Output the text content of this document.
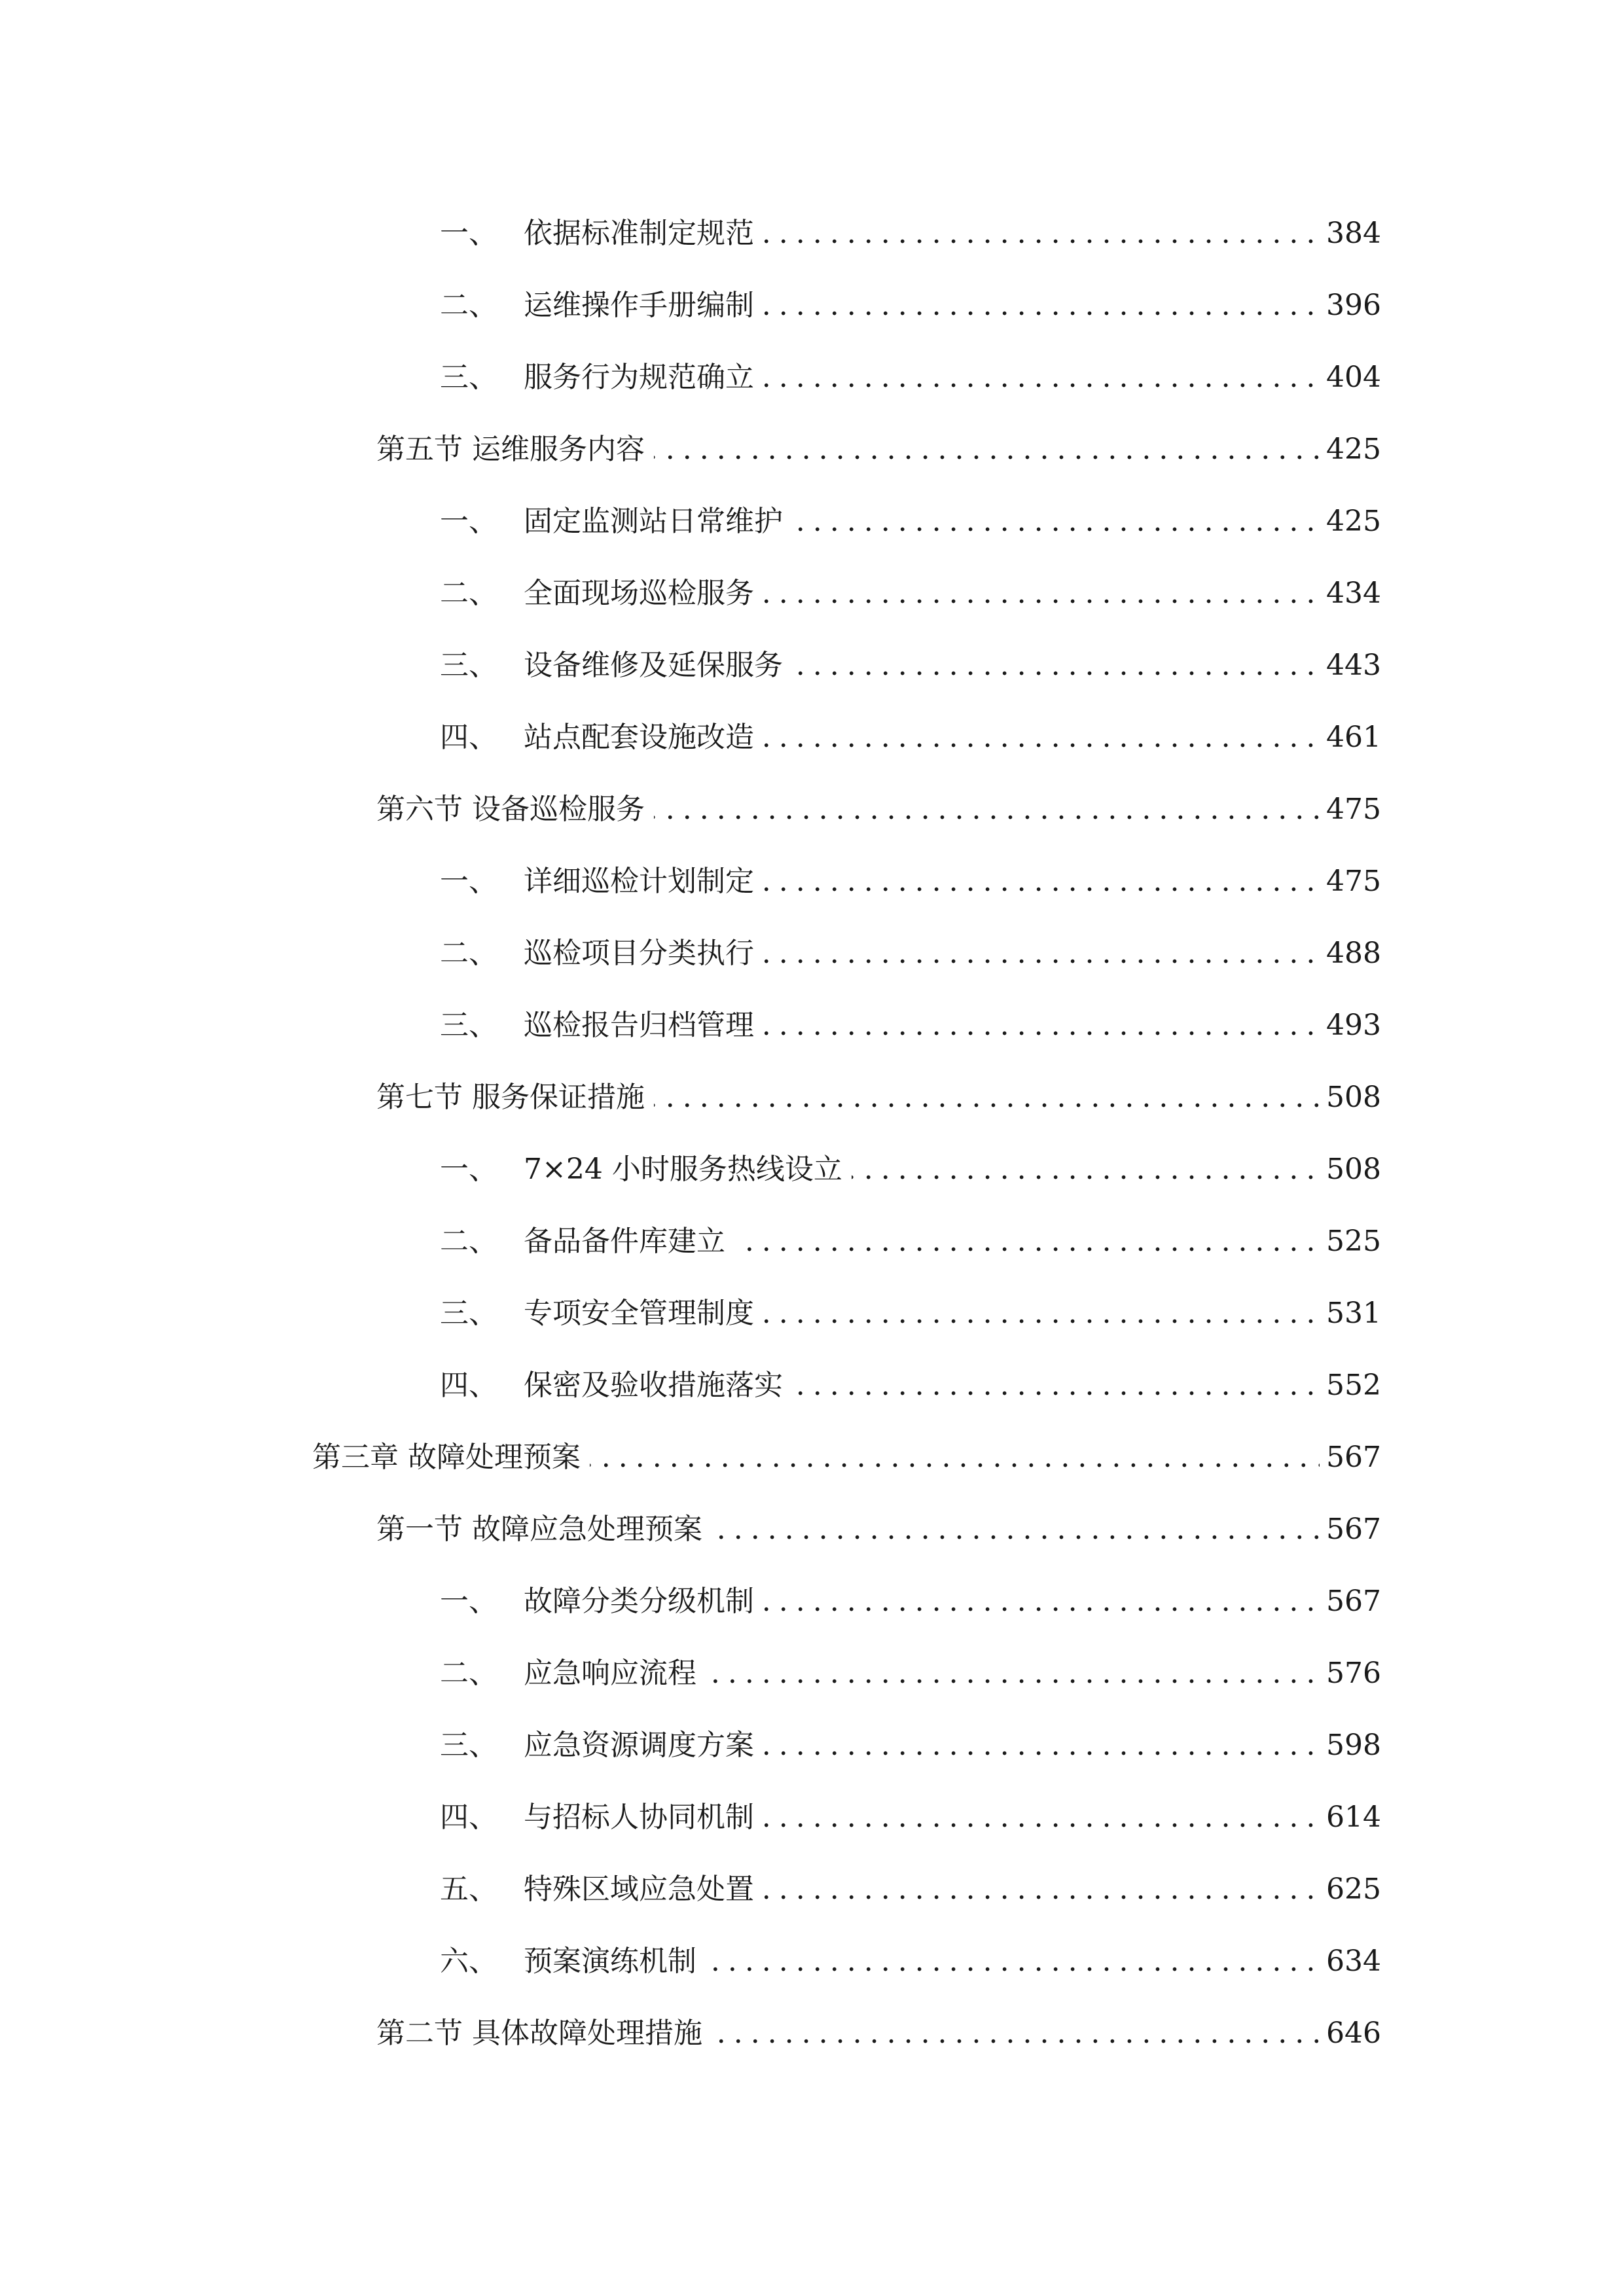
.....
一、 依据标准制定规范	384
.....
二、 运维操作手册编制	396
.....
三、 服务行为规范确立	404
.....
第五节 运维服务内容	425
.....
一、 固定监测站日常维护	425
.....
二、 全面现场巡检服务	434
.....
三、 设备维修及延保服务	443
.....
四、 站点配套设施改造	461
.....
第六节 设备巡检服务	475
.....
一、 详细巡检计划制定	475
.....
二、 巡检项目分类执行	488
.....
三、 巡检报告归档管理	493
.....
第七节 服务保证措施	508
.....
一、 7×24 小时服务热线设立	508
.....
二、 备品备件库建立	525
.....
三、 专项安全管理制度	531
.....
四、 保密及验收措施落实	552
.....
第三章 故障处理预案	567
.....
第一节 故障应急处理预案	567
.....
一、 故障分类分级机制	567
.....
二、 应急响应流程	576
.....
三、 应急资源调度方案	598
.....
四、 与招标人协同机制	614
.....
五、 特殊区域应急处置	625
.....
六、 预案演练机制	634
.....
第二节 具体故障处理措施	646
